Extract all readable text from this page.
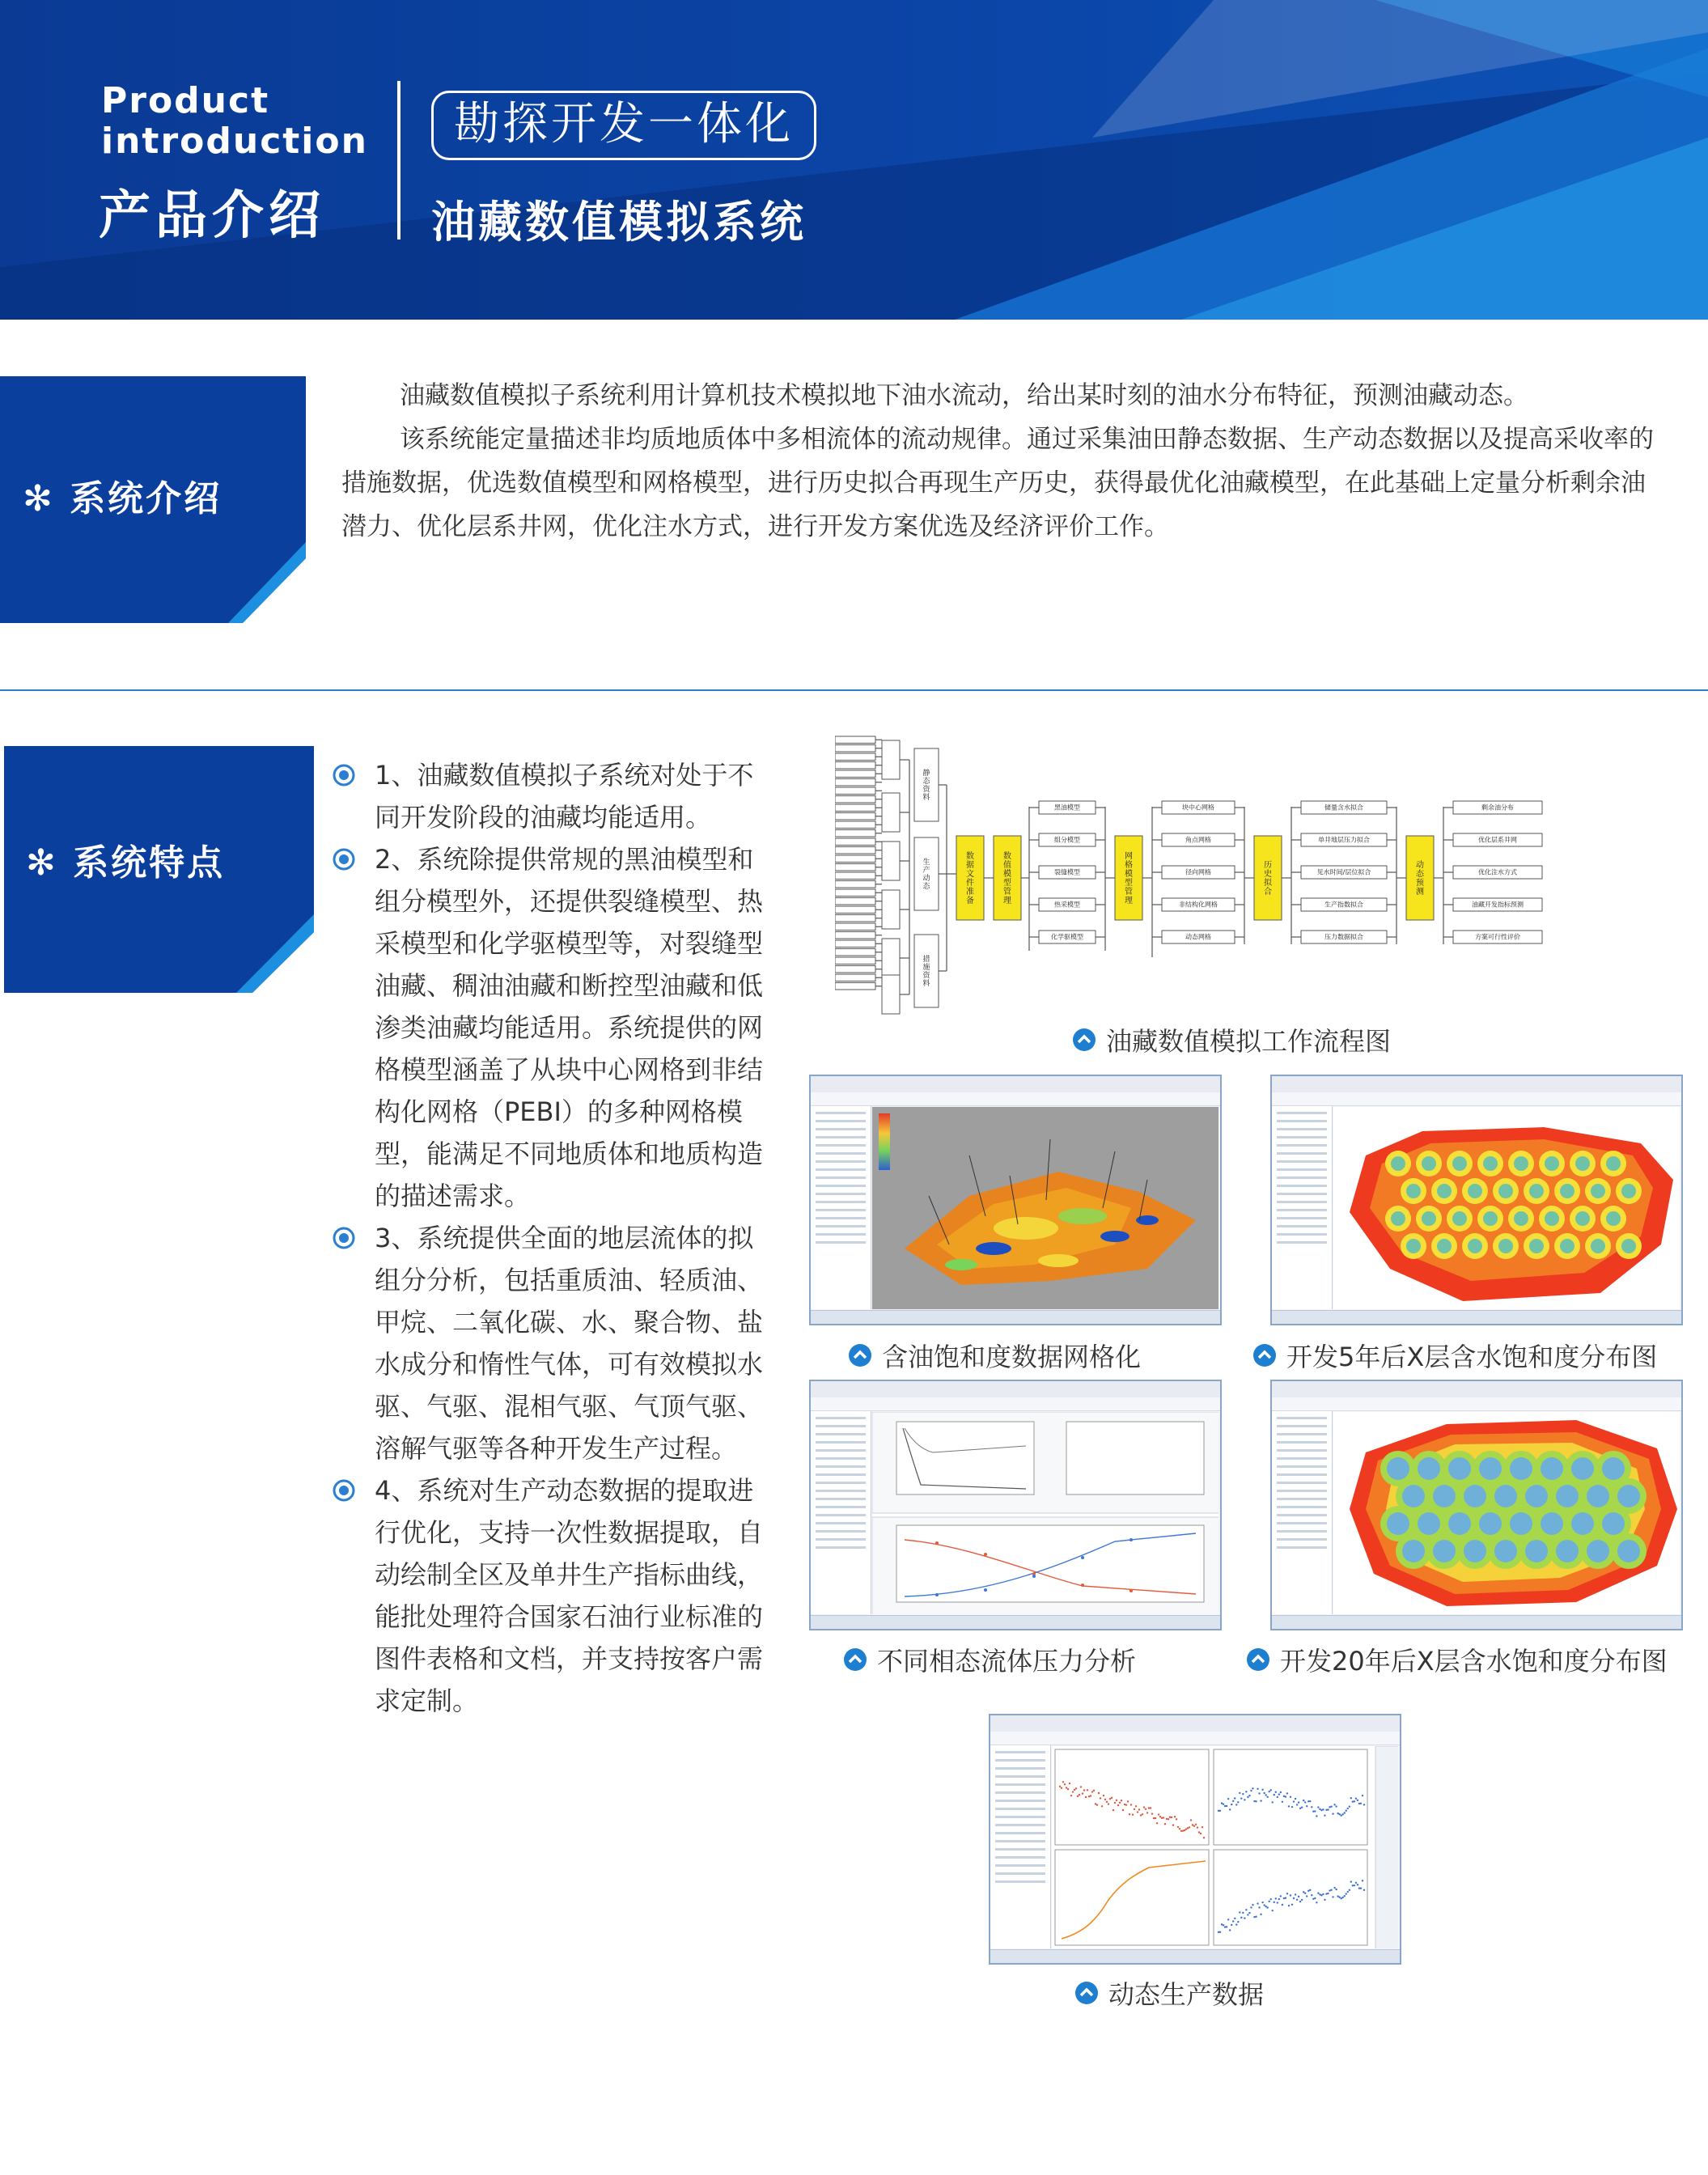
Product
introduction
产品介绍
勘探开发一体化
油藏数值模拟系统
✻ 系统介绍

油藏数值模拟子系统利用计算机技术模拟地下油水流动，给出某时刻的油水分布特征，预测油藏动态。

该系统能定量描述非均质地质体中多相流体的流动规律。通过采集油田静态数据、生产动态数据以及提高采收率的措施数据，优选数值模型和网格模型，进行历史拟合再现生产历史，获得最优化油藏模型，在此基础上定量分析剩余油潜力、优化层系井网，优化注水方式，进行开发方案优选及经济评价工作。

✻ 系统特点
1、油藏数值模拟子系统对处于不同开发阶段的油藏均能适用。
2、系统除提供常规的黑油模型和组分模型外，还提供裂缝模型、热采模型和化学驱模型等，对裂缝型油藏、稠油油藏和断控型油藏和低渗类油藏均能适用。系统提供的网格模型涵盖了从块中心网格到非结构化网格（PEBI）的多种网格模型，能满足不同地质体和地质构造的描述需求。
3、系统提供全面的地层流体的拟组分分析，包括重质油、轻质油、甲烷、二氧化碳、水、聚合物、盐水成分和惰性气体，可有效模拟水驱、气驱、混相气驱、气顶气驱、溶解气驱等各种开发生产过程。
4、系统对生产动态数据的提取进行优化，支持一次性数据提取，自动绘制全区及单井生产指标曲线，能批处理符合国家石油行业标准的图件表格和文档，并支持按客户需求定制。
静态资料
生产动态
措施资料
数据文件准备
数值模型管理
黑油模型
组分模型
裂缝模型
热采模型
化学驱模型
网格模型管理
块中心网格
角点网格
径向网格
非结构化网格
动态网格
历史拟合
储量含水拟合
单井地层压力拟合
见水时间/层位拟合
生产指数拟合
压力数据拟合
动态预测
剩余油分布
优化层系井网
优化注水方式
油藏开发指标预测
方案可行性评价
油藏数值模拟工作流程图
含油饱和度数据网格化	开发5年后X层含水饱和度分布图
不同相态流体压力分析	开发20年后X层含水饱和度分布图
动态生产数据
